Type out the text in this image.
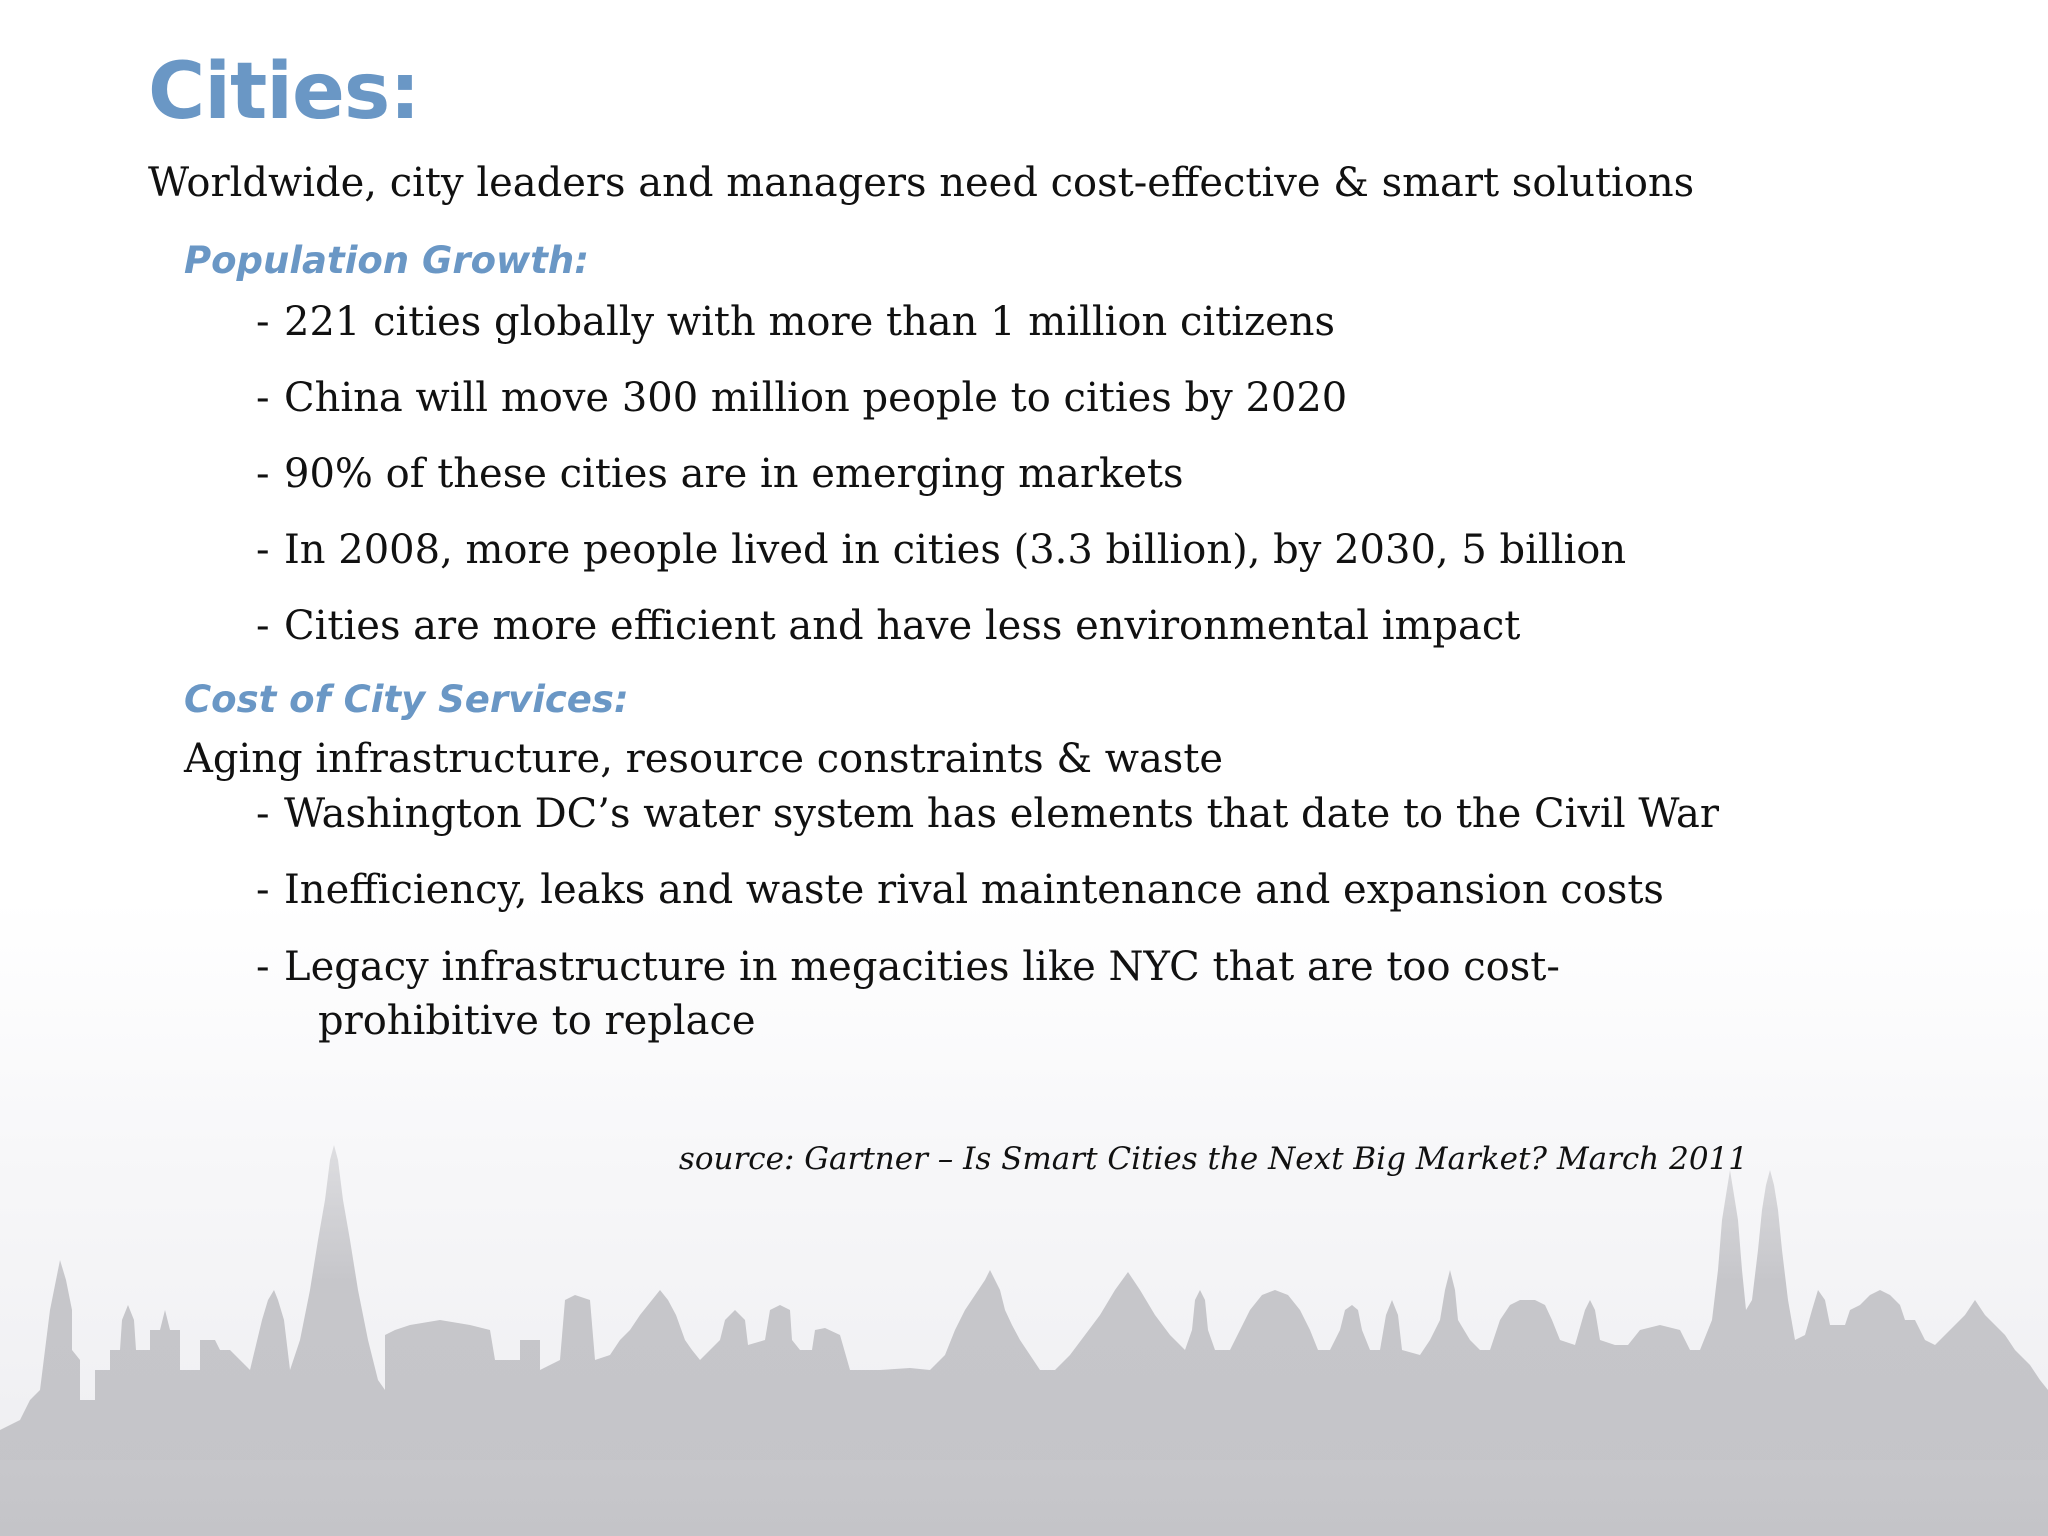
Cities:

Worldwide, city leaders and managers need cost-effective & smart solutions

Population Growth:

- 221 cities globally with more than 1 million citizens

- China will move 300 million people to cities by 2020

- 90% of these cities are in emerging markets

- In 2008, more people lived in cities (3.3 billion), by 2030, 5 billion

- Cities are more efficient and have less environmental impact

Cost of City Services:

Aging infrastructure, resource constraints & waste

- Washington DC’s water system has elements that date to the Civil War

- Inefficiency, leaks and waste rival maintenance and expansion costs

- Legacy infrastructure in megacities like NYC that are too cost-

prohibitive to replace

source: Gartner – Is Smart Cities the Next Big Market? March 2011
